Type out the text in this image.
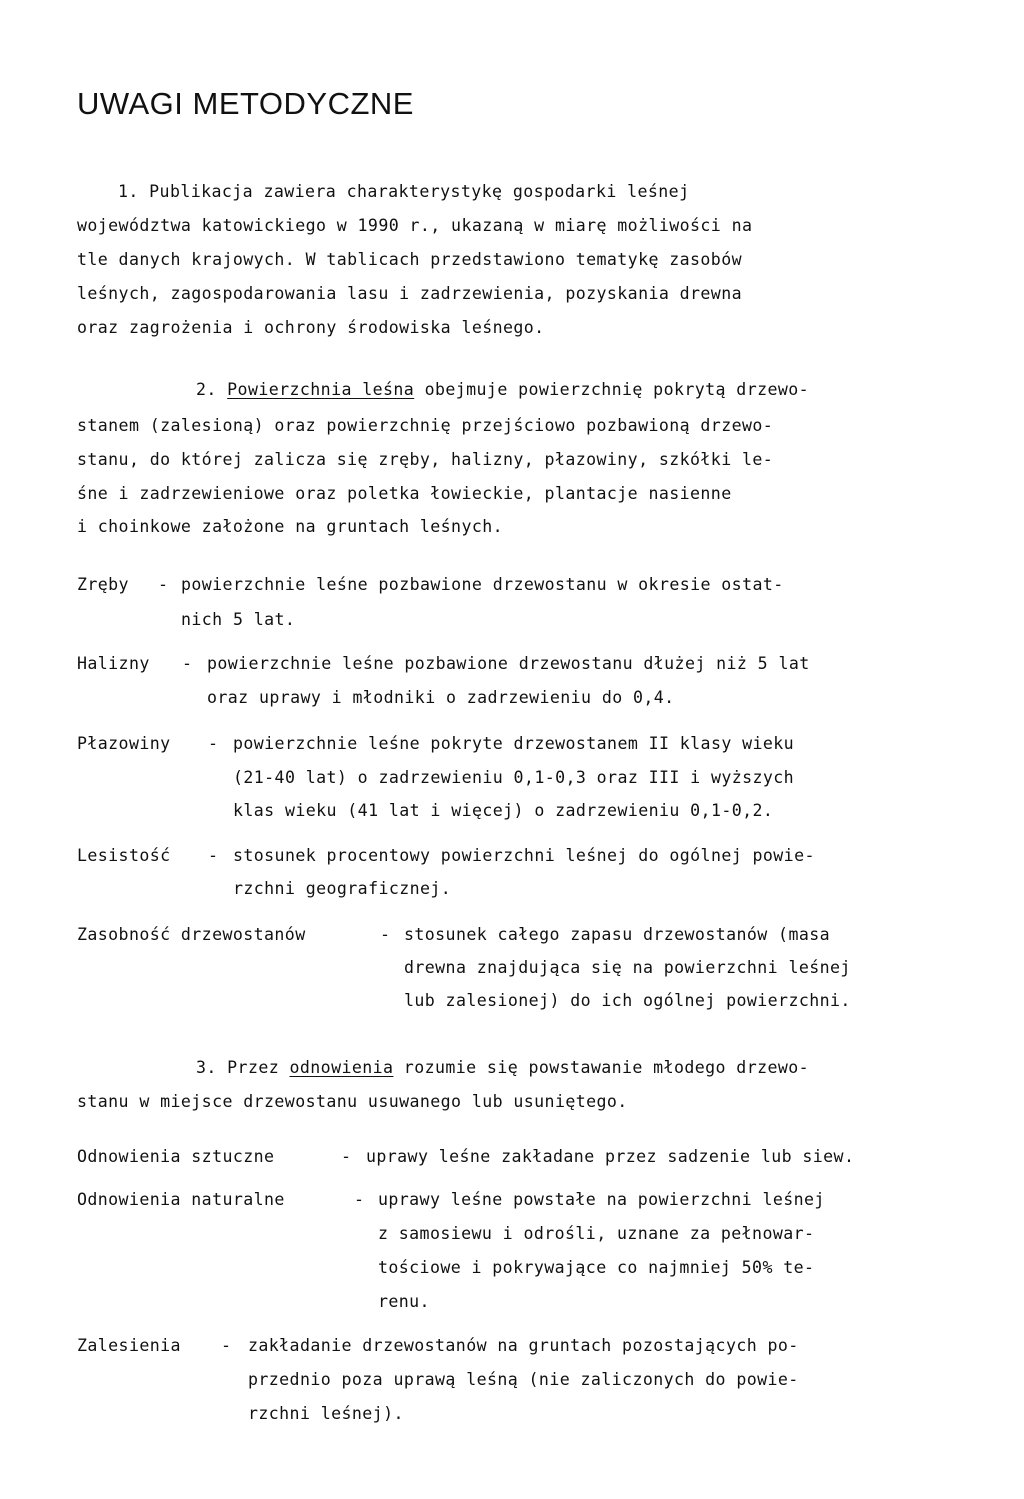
UWAGI METODYCZNE
1. Publikacja zawiera charakterystykę gospodarki leśnej
województwa katowickiego w 1990 r., ukazaną w miarę możliwości na
tle danych krajowych. W tablicach przedstawiono tematykę zasobów
leśnych, zagospodarowania lasu i zadrzewienia, pozyskania drewna
oraz zagrożenia i ochrony środowiska leśnego.
2. Powierzchnia leśna obejmuje powierzchnię pokrytą drzewo-
stanem (zalesioną) oraz powierzchnię przejściowo pozbawioną drzewo-
stanu, do której zalicza się zręby, halizny, płazowiny, szkółki le-
śne i zadrzewieniowe oraz poletka łowieckie, plantacje nasienne
i choinkowe założone na gruntach leśnych.
Zręby - powierzchnie leśne pozbawione drzewostanu w okresie ostat-
nich 5 lat.
Halizny - powierzchnie leśne pozbawione drzewostanu dłużej niż 5 lat
oraz uprawy i młodniki o zadrzewieniu do 0,4.
Płazowiny - powierzchnie leśne pokryte drzewostanem II klasy wieku
(21-40 lat) o zadrzewieniu 0,1-0,3 oraz III i wyższych
klas wieku (41 lat i więcej) o zadrzewieniu 0,1-0,2.
Lesistość - stosunek procentowy powierzchni leśnej do ogólnej powie-
rzchni geograficznej.
Zasobność drzewostanów	- stosunek całego zapasu drzewostanów (masa
drewna znajdująca się na powierzchni leśnej
lub zalesionej) do ich ogólnej powierzchni.
3. Przez odnowienia rozumie się powstawanie młodego drzewo-
stanu w miejsce drzewostanu usuwanego lub usuniętego.
Odnowienia sztuczne	- uprawy leśne zakładane przez sadzenie lub siew.
Odnowienia naturalne	- uprawy leśne powstałe na powierzchni leśnej
z samosiewu i odrośli, uznane za pełnowar-
tościowe i pokrywające co najmniej 50% te-
renu.
Zalesienia - zakładanie drzewostanów na gruntach pozostających po-
przednio poza uprawą leśną (nie zaliczonych do powie-
rzchni leśnej).
